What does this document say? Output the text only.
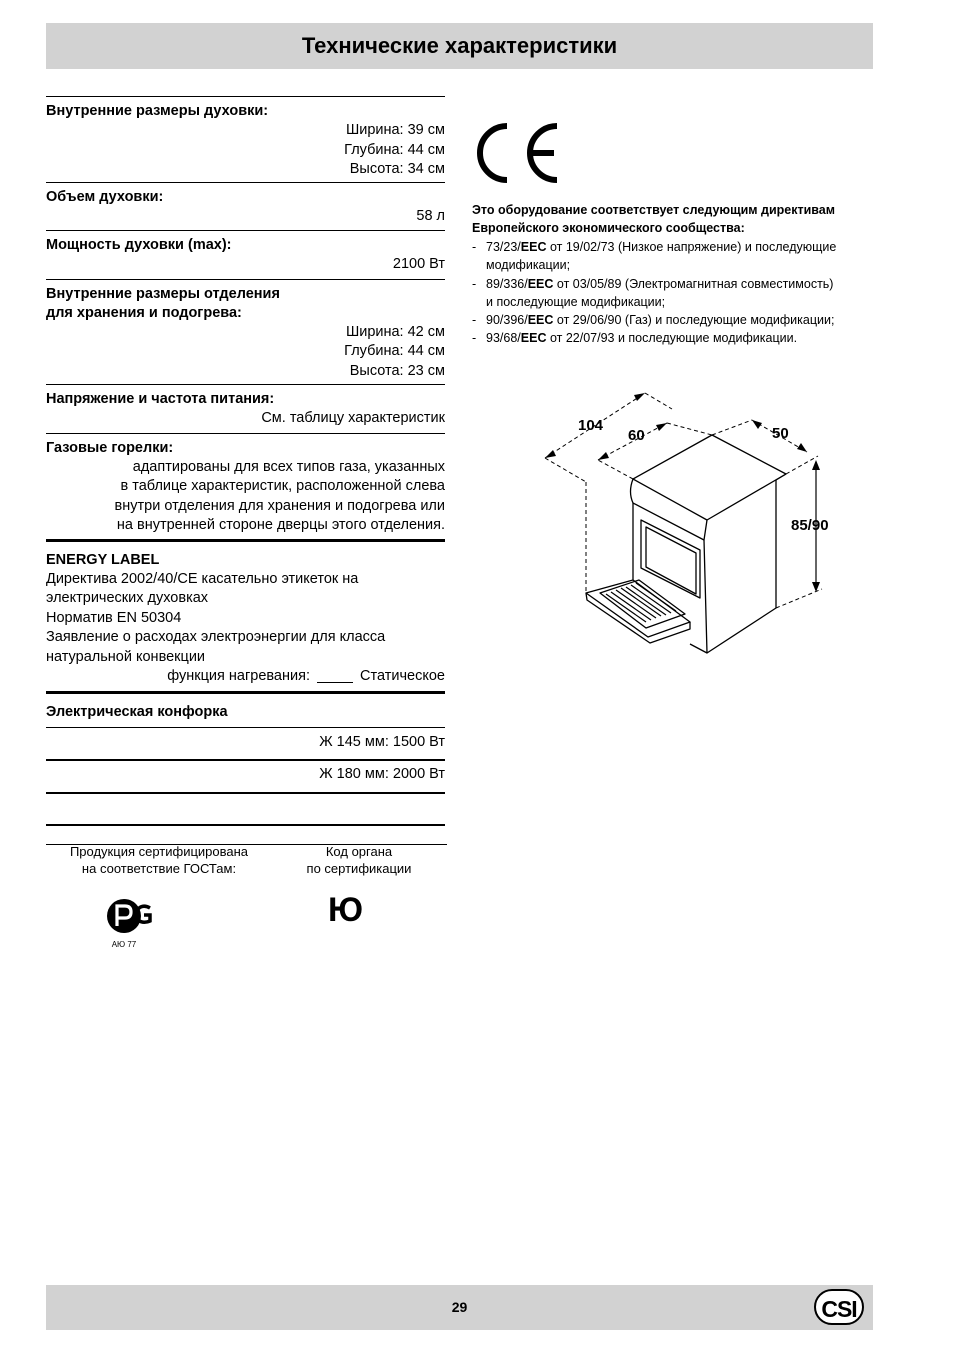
Технические характеристики
Внутренние размеры духовки:
Ширина: 39 см
Глубина: 44 см
Высота: 34 см
Объем духовки:
58 л
Мощность духовки (max):
2100 Вт
Внутренние размеры отделения
для хранения и подогрева:
Ширина: 42 см
Глубина: 44 см
Высота: 23 см
Напряжение и частота питания:
См. таблицу характеристик
Газовые горелки:
адаптированы для всех типов газа, указанных
в таблице характеристик, расположенной слева
внутри отделения для хранения и подогрева или
на внутренней стороне дверцы этого отделения.
ENERGY LABEL
Директива 2002/40/CE касательно этикеток на
электрических духовках
Норматив EN 50304
Заявление о расходах электроэнергии для класса
натуральной конвекции
функция нагревания:	Статическое
Электрическая конфорка
Ж 145 мм: 1500 Вт
Ж 180 мм: 2000 Вт
Продукция сертифицирована
на соответствие ГОСТам:
Код органа
по сертификации
АЮ 77
Ю
Это оборудование соответствует следующим директивам
Европейского экономического сообщества:
- 73/23/EEC от 19/02/73 (Низкое напряжение) и последующие
модификации;
- 89/336/EEC от 03/05/89 (Электромагнитная совместимость)
и последующие модификации;
- 90/396/EEC от 29/06/90 (Газ) и последующие модификации;
- 93/68/EEC от 22/07/93 и последующие модификации.
104
60	50
85/90
29	CSI
